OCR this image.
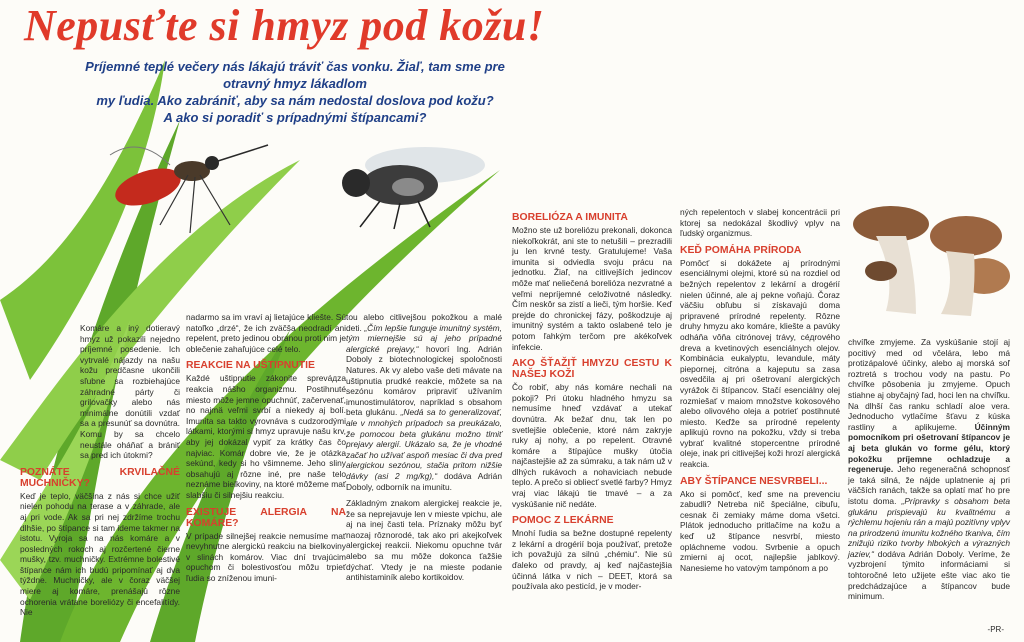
Nepusťte si hmyz pod kožu!
Príjemné teplé večery nás lákajú tráviť čas vonku. Žiaľ, tam sme pre otravný hmyz lákadlom
my ľudia. Ako zabrániť, aby sa nám nedostal doslova pod kožu?
A ako si poradiť s prípadnými štípancami?

Komáre a iný dotieravý hmyz už pokazili nejedno príjemné posedenie. Ich vytrvalé nájazdy na našu kožu predčasne ukončili sľubne sa rozbiehajúce záhradné párty či grilovačky alebo nás minimálne donútili vzdať sa a presunúť sa dovnútra. Komu by sa chcelo neustále oháňať a brániť sa pred ich útokmi?

POZNÁTE KRVILAČNÉ MUCHNIČKY?

Keď je teplo, väčšina z nás si chce užiť nielen pohodu na terase a v záhrade, ale aj pri vode. Ak sa pri nej zdržíme trochu dlhšie, po štípance si tam ideme takmer na istotu. Vyroja sa na nás komáre a v posledných rokoch aj rozčertené čierne mušky, tzv. muchničky. Extrémne bolestivé štípance nám ich budú pripomínať aj dva týždne. Muchničky, ale v čoraz väčšej miere aj komáre, prenášajú rôzne ochorenia vrátane boreliózy či encefalitídy. Nie

nadarmo sa im vraví aj lietajúce kliešte. Sú natoľko „drzé“, že ich zväčša neodradí ani repelent, preto jedinou obranou proti nim je oblečenie zahaľujúce celé telo.

REAKCIE NA UŠTIPNUTIE

Každé uštipnutie zákonite spreváдza reakcia nášho organizmu. Postihnuté miesto môže jemne opuchnúť, začervenať, no najmä veľmi svrbí a niekedy aj bolí. Imunita sa takto vyrovnáva s cudzorodými látkami, ktorými si hmyz upravuje našu krv, aby jej dokázal vypiť za krátky čas čo najviac. Komár dobre vie, že je otázka sekúnd, kedy si ho všimneme. Jeho sliny obsahujú aj rôzne iné, pre naše telo neznáme bielkoviny, na ktoré môžeme mať slabšiu či silnejšiu reakciu.

EXISTUJE ALERGIA NA KOMÁRE?

V prípade silnejšej reakcie nemusíme mať nevyhnutne alergickú reakciu na bielkoviny v slinách komárov. Viac dní trvajúcim opuchom či bolestivosťou môžu trpieť ľudia so zníženou imuni-

tou alebo citlivejšou pokožkou a malé deti. „Čím lepšie funguje imunitný systém, tým miernejšie sú aj jeho prípadné alergické prejavy,“ hovorí Ing. Adrián Doboly z biotechnologickej spoločnosti Natures. Ak vy alebo vaše deti mávate na uštipnutia prudké reakcie, môžete sa na sezónu komárov pripraviť užívaním imunostimulátorov, napríklad s obsahom beta glukánu. „Nedá sa to generalizovať, ale v mnohých prípadoch sa preukázalo, že pomocou beta glukánu možno tlmiť prejavy alergií. Ukázalo sa, že je vhodné začať ho užívať aspoň mesiac či dva pred alergickou sezónou, stačia pritom nižšie dávky (asi 2 mg/kg),“ dodáva Adrián Doboly, odborník na imunitu.

Základným znakom alergickej reakcie je, že sa neprejavuje len v mieste vpichu, ale aj na inej časti tela. Príznaky môžu byť naozaj rôznorodé, tak ako pri akejkoľvek alergickej reakcii. Niekomu opuchne tvár alebo sa mu môže dokonca ťažšie dýchať. Vtedy je na mieste podanie antihistaminík alebo kortikoidov.

BORELIÓZA A IMUNITA

Možno ste už boreliózu prekonali, dokonca niekoľkokrát, ani ste to netušili – prezradili ju len krvné testy. Gratulujeme! Vaša imunita si odviedla svoju prácu na jednotku. Žiaľ, na citlivejších jedincov môže mať neliečená borelióza nezvratné a veľmi nepríjemné celoživotné následky. Čím neskôr sa zistí a lieči, tým horšie. Keď prejde do chronickej fázy, poškodzuje aj imunitný systém a takto oslabené telo je potom ľahkým terčom pre akékoľvek infekcie.

AKO ŠŤAŽIŤ HMYZU CESTU K NAŠEJ KOŽI

Čo robiť, aby nás komáre nechali na pokoji? Pri útoku hladného hmyzu sa nemusíme hneď vzdávať a utekať dovnútra. Ak bežať dnu, tak len po svetlejšie oblečenie, ktoré nám zakryje ruky aj nohy, a po repelent. Otravné komáre a štípajúce mušky útočia najčastejšie až za súmraku, a tak nám už v dlhých rukávoch a nohaviciach nebude teplo. A prečo si obliecť svetlé farby? Hmyz vraj viac lákajú tie tmavé – a za vyskúšanie nič nedáte.

POMOC Z LEKÁRNE

Mnohí ľudia sa bežne dostupné repelenty z lekární a drogérií boja používať, pretože ich považujú za silnú „chémiu“. Nie sú ďaleko od pravdy, aj keď najčastejšia účinná látka v nich – DEET, ktorá sa používala ako pesticíd, je v moder-

ných repelentoch v slabej koncentrácii pri ktorej sa nedokázal škodlivý vplyv na ľudský organizmus.

KEĎ POMÁHA PRÍRODA

Pomôcť si dokážete aj prírodnými esenciálnymi olejmi, ktoré sú na rozdiel od bežných repelentov z lekární a drogérií nielen účinné, ale aj pekne voňajú. Čoraz väčšiu obľubu si získavajú doma pripravené prírodné repelenty. Rôzne druhy hmyzu ako komáre, kliešte a pavúky odháňa vôňa citrónovej trávy, céдrového dreva a kvetinových esenciálnych olejov. Kombinácia eukalyptu, levandule, máty piepornej, citróna a kajeputu sa zasa osvedčila aj pri ošetrovaní alergických vyrážok či štípancov. Stačí esenciálny olej rozmiešať v maiom množstve kokosového alebo olivového oleja a potrieť postihnuté miesto. Keďže sa prírodné repelenty aplikujú rovno na pokožku, vždy si treba vybrať kvalitné stopercentne prírodné oleje, inak pri citlivejšej koži hrozí alergická reakcia.

ABY ŠTÍPANCE NESVRBELI...

Ako si pomôcť, keď sme na prevenciu zabudli? Netreba nič špeciálne, cibuľu, cesnak či zemiaky máme doma všetci. Plátok jednoducho pritlačíme na kožu a keď už štípance nesvrbí, miesto opláchneme vodou. Svrbenie a opuch zmierni aj ocot, najlepšie jablkový. Nanesieme ho vatovým tampónom a po

chvíľke zmyjeme. Za vyskúšanie stojí aj pocitivý med od včelára, lebo má protizápalové účinky, alebo aj morská soľ roztretá s trochou vody na pastu. Po chvíľke pôsobenia ju zmyjeme. Opuch stiahne aj obyčajný ľad, hoci len na chvíľku. Na dlhší čas ranku schladí aloe vera. Jednoducho vytlačíme šťavu z kúska rastliny a aplikujeme. Účinným pomocníkom pri ošetrovaní štípancov je aj beta glukán vo forme gélu, ktorý pokožku príjemne ochladzuje a regeneruje. Jeho regeneračná schopnosť je taká silná, že nájde uplatnenie aj pri väčších ranách, takže sa oplatí mať ho pre istotu doma. „Prípravky s obsahom beta glukánu prispievajú ku kvalitnému a rýchlemu hojeniu rán a majú pozitívny vplyv na prirodzenú imunitu kožného tkaniva, čím znižujú riziko tvorby hlbokých a výrazných jaziev,“ dodáva Adrián Doboly. Veríme, že vyzbrojení týmito informáciami si tohtoročné leto užijete ešte viac ako tie predchádzajúce a štípancov bude minimum.

-PR-
